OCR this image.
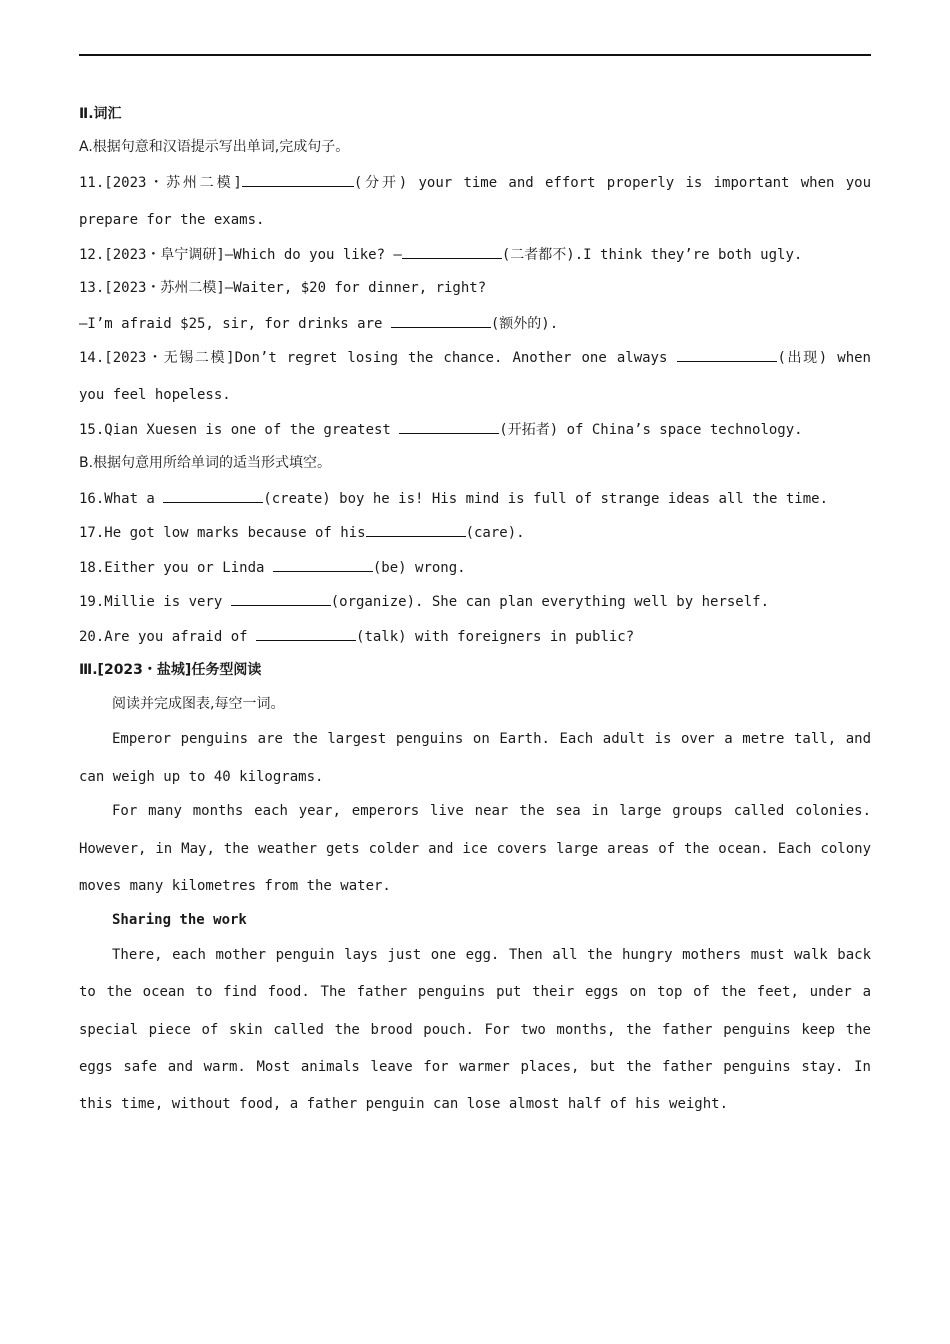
Ⅱ.词汇
A.根据句意和汉语提示写出单词,完成句子。
11.[2023・苏州二模]	(分开) your time and effort properly is important when you
prepare for the exams.
12.[2023・阜宁调研]—Which do you like? —	(二者都不).I think they’re both ugly.
13.[2023・苏州二模]—Waiter, $20 for dinner, right?
—I’m afraid $25, sir, for drinks are	(额外的).
14.[2023・无锡二模]Don’t regret losing the chance. Another one always	(出现) when
you feel hopeless.
15.Qian Xuesen is one of the greatest	(开拓者) of China’s space technology.
B.根据句意用所给单词的适当形式填空。
16.What a	(create) boy he is! His mind is full of strange ideas all the time.
17.He got low marks because of his	(care).
18.Either you or Linda	(be) wrong.
19.Millie is very	(organize). She can plan everything well by herself.
20.Are you afraid of	(talk) with foreigners in public?
Ⅲ.[2023・盐城]任务型阅读
阅读并完成图表,每空一词。
Emperor penguins are the largest penguins on Earth. Each adult is over a metre tall, and
can weigh up to 40 kilograms.
For many months each year, emperors live near the sea in large groups called colonies.
However, in May, the weather gets colder and ice covers large areas of the ocean. Each colony
moves many kilometres from the water.
Sharing the work
There, each mother penguin lays just one egg. Then all the hungry mothers must walk back
to the ocean to find food. The father penguins put their eggs on top of the feet, under a
special piece of skin called the brood pouch. For two months, the father penguins keep the
eggs safe and warm. Most animals leave for warmer places, but the father penguins stay. In
this time, without food, a father penguin can lose almost half of his weight.
